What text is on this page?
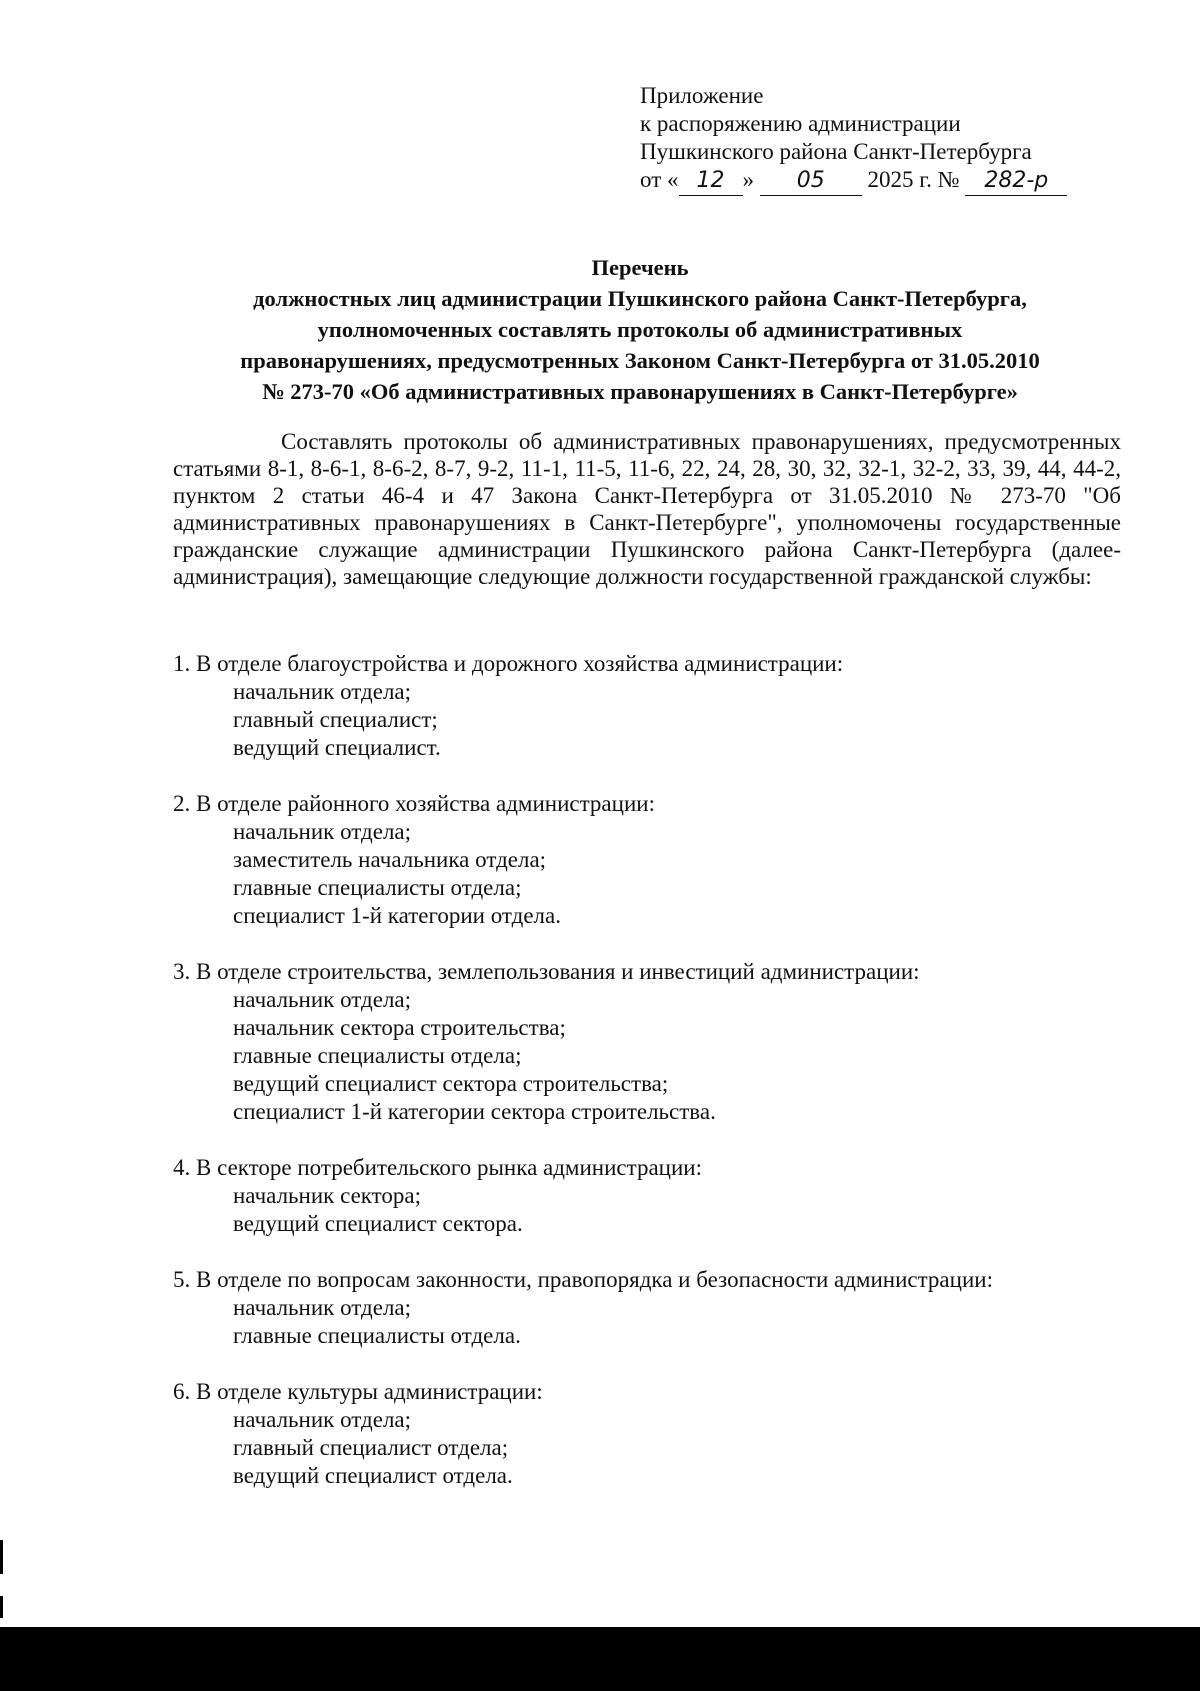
Приложение
к распоряжению администрации
Пушкинского района Санкт-Петербурга
от « 12 » 05 2025 г. № 282-р
Перечень
должностных лиц администрации Пушкинского района Санкт-Петербурга,
уполномоченных составлять протоколы об административных
правонарушениях, предусмотренных Законом Санкт-Петербурга от 31.05.2010
№ 273-70 «Об административных правонарушениях в Санкт-Петербурге»
Составлять протоколы об административных правонарушениях, предусмотренных статьями 8-1, 8-6-1, 8-6-2, 8-7, 9-2, 11-1, 11-5, 11-6, 22, 24, 28, 30, 32, 32-1, 32-2, 33, 39, 44, 44-2, пунктом 2 статьи 46-4 и 47 Закона Санкт-Петербурга от 31.05.2010 № 273-70 "Об административных правонарушениях в Санкт-Петербурге", уполномочены государственные гражданские служащие администрации Пушкинского района Санкт-Петербурга (далее-администрация), замещающие следующие должности государственной гражданской службы:
1. В отделе благоустройства и дорожного хозяйства администрации:
начальник отдела;
главный специалист;
ведущий специалист.
2. В отделе районного хозяйства администрации:
начальник отдела;
заместитель начальника отдела;
главные специалисты отдела;
специалист 1-й категории отдела.
3. В отделе строительства, землепользования и инвестиций администрации:
начальник отдела;
начальник сектора строительства;
главные специалисты отдела;
ведущий специалист сектора строительства;
специалист 1-й категории сектора строительства.
4. В секторе потребительского рынка администрации:
начальник сектора;
ведущий специалист сектора.
5. В отделе по вопросам законности, правопорядка и безопасности администрации:
начальник отдела;
главные специалисты отдела.
6. В отделе культуры администрации:
начальник отдела;
главный специалист отдела;
ведущий специалист отдела.
